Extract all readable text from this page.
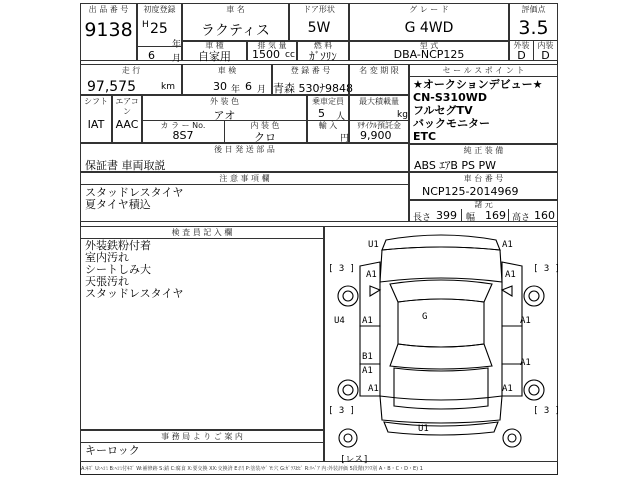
出 品 番 号
9138
初度登録
H 25
年
6 月
車 名
ラクティス
ドア形状
5W
グ レ ー ド
G 4WD
評価点
3.5
外装	内装
D	D
車 種
自家用
排 気 量
1500 cc
燃 料
ｶﾞｿﾘﾝ
型 式
DBA-NCP125
走 行
97,575	km
車 検
30 年 6 月
登 録 番 号
青森 530ﾅ9848
名 変 期 限	セ ー ル ス ポ イ ン ト
★オークションデビュー★
CN-S310WD
フルセグTV
バックモニター
ETC
シフト
IAT
エアコン
AAC
外 装 色
アオ
カ ラ ー No.	内 装 色
8S7	クロ
乗車定員
5 人
輸 入
最大積載量
kg
ﾘｻｲｸﾙ預託金
9,900
円
純 正 装 備
ABS ｴｱB PS PW
後 日 発 送 部 品
保証書 車両取説
注 意 事 項 欄
スタッドレスタイヤ
夏タイヤ積込
車 台 番 号
NCP125-2014969
諸 元
長さ 399 幅 169 高さ 160
検 査 員 記 入 欄
外装鉄粉付着
室内汚れ
シートしみ大
天張汚れ
スタッドレスタイヤ
事 務 局 よ り ご 案 内
キーロック
A:ｷｽﾞ U:ﾍｺﾐ B:ﾍｺﾐ付ｷｽﾞ W:補修跡 S:錆 C:腐食 X:要交換 XX:交換済 E:凹 P:塗装ﾊｹﾞ Y:穴 G:ｶﾞﾗｽﾋﾋﾞ R:ﾘﾍﾟｱ 内:外装評価 5段階(ｸﾗｽ別 A・B・C・D・E) 1
U1	A1
[ 3 ]	[ 3 ]
A1	A1
U4 A1	G	A1
B1
A1
A1
[ 3 ]	[ 3 ]
A1	A1
U1
[レス]
